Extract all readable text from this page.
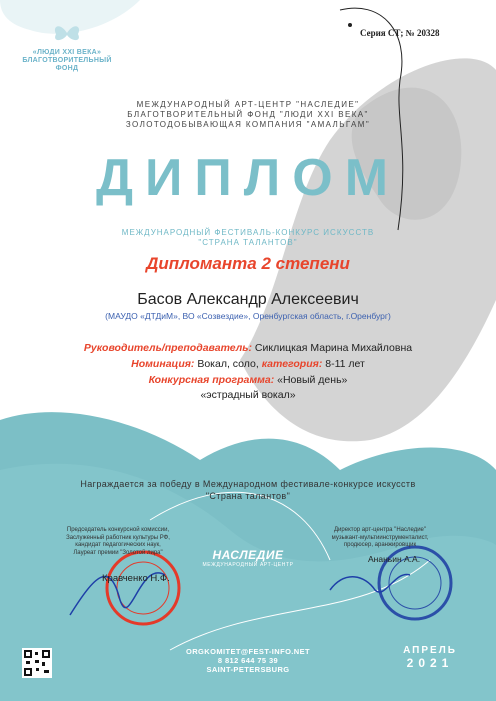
Серия СТ; № 20328
«ЛЮДИ XXI ВЕКА»
БЛАГОТВОРИТЕЛЬНЫЙ
ФОНД
МЕЖДУНАРОДНЫЙ АРТ-ЦЕНТР "НАСЛЕДИЕ"
БЛАГОТВОРИТЕЛЬНЫЙ ФОНД "ЛЮДИ XXI ВЕКА"
ЗОЛОТОДОБЫВАЮЩАЯ КОМПАНИЯ "АМАЛЬГАМ"
ДИПЛОМ
МЕЖДУНАРОДНЫЙ ФЕСТИВАЛЬ-КОНКУРС ИСКУССТВ
"СТРАНА ТАЛАНТОВ"
Дипломанта 2 степени
Басов Александр Алексеевич
(МАУДО «ДТДиМ», ВО «Созвездие», Оренбургская область, г.Оренбург)
Руководитель/преподаватель: Сиклицкая Марина Михайловна
Номинация: Вокал, соло, категория: 8-11 лет
Конкурсная программа: «Новый день»
«эстрадный вокал»
Награждается за победу в Международном фестивале-конкурсе искусств
"Страна талантов"
Председатель конкурсной комиссии,
Заслуженный работник культуры РФ,
кандидат педагогических наук,
Лауреат премии "Золотой лира"
Кравченко Н.Ф.
Директор арт-центра "Наследие"
музыкант-мультиинструменталист,
продюсер, аранжировщик
Ананьин А.А.
НАСЛЕДИЕ
МЕЖДУНАРОДНЫЙ АРТ-ЦЕНТР
ORGKOMITET@FEST-INFO.NET
8 812 644 75 39
SAINT-PETERSBURG
АПРЕЛЬ
2021
